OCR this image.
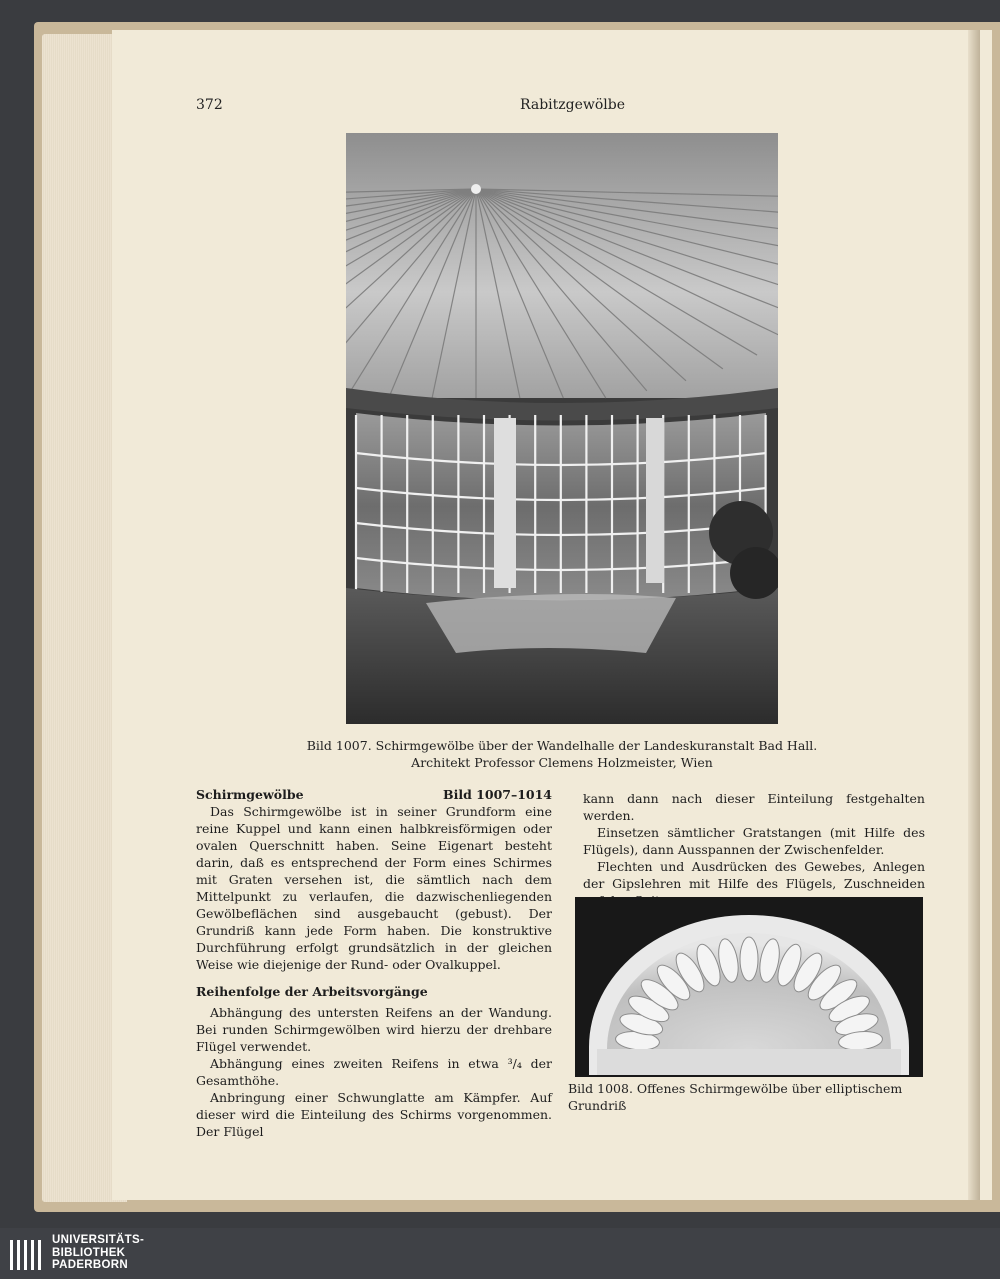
372	Rabitzgewölbe
Bild 1007. Schirmgewölbe über der Wandelhalle der Landeskuranstalt Bad Hall.
Architekt Professor Clemens Holzmeister, Wien
Schirmgewölbe	Bild 1007–1014

Das Schirmgewölbe ist in seiner Grundform eine reine Kuppel und kann einen halbkreisförmigen oder ovalen Querschnitt haben. Seine Eigenart besteht darin, daß es entsprechend der Form eines Schirmes mit Graten versehen ist, die sämtlich nach dem Mittelpunkt zu verlaufen, die dazwischenliegenden Gewölbeflächen sind ausgebaucht (gebust). Der Grundriß kann jede Form haben. Die konstruktive Durchführung erfolgt grundsätzlich in der gleichen Weise wie diejenige der Rund- oder Ovalkuppel.

Reihenfolge der Arbeitsvorgänge

Abhängung des untersten Reifens an der Wandung. Bei runden Schirmgewölben wird hierzu der drehbare Flügel verwendet.

Abhängung eines zweiten Reifens in etwa ³/₄ der Gesamthöhe.

Anbringung einer Schwunglatte am Kämpfer. Auf dieser wird die Einteilung des Schirms vorgenommen. Der Flügel

kann dann nach dieser Einteilung festgehalten werden.

Einsetzen sämtlicher Gratstangen (mit Hilfe des Flügels), dann Ausspannen der Zwischenfelder.

Flechten und Ausdrücken des Gewebes, Anlegen der Gipslehren mit Hilfe des Flügels, Zuschneiden

Bild 1008. Offenes Schirmgewölbe über elliptischem Grundriß
UNIVERSITÄTS-
BIBLIOTHEK
PADERBORN
